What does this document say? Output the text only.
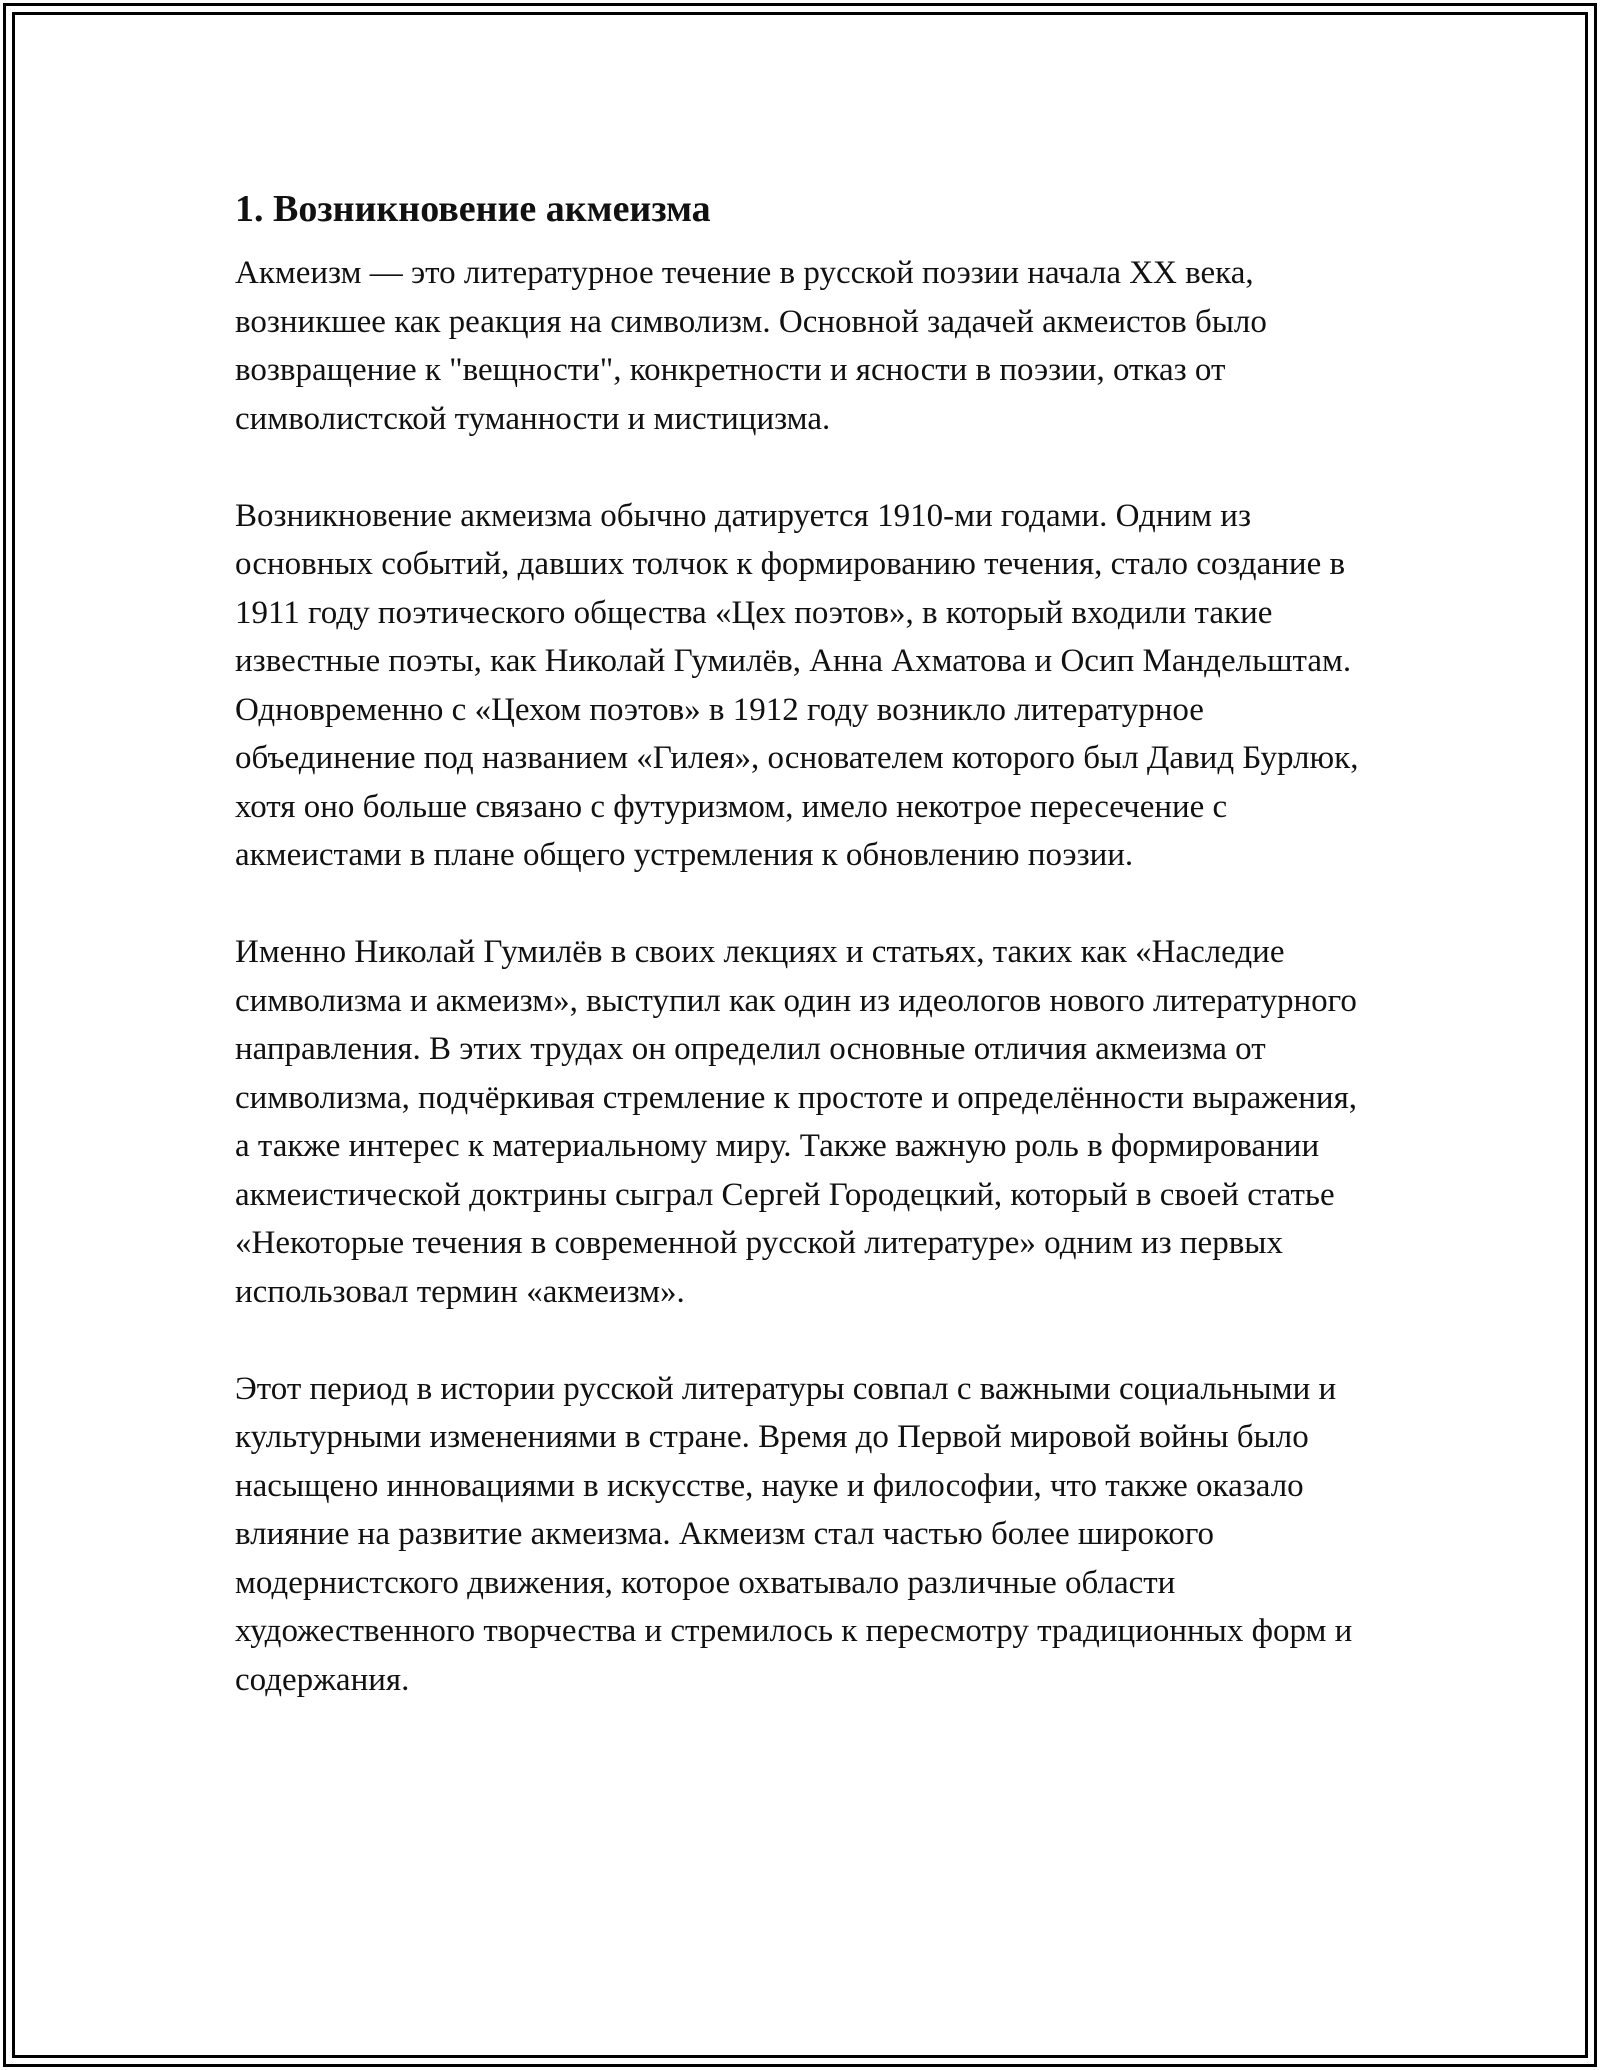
1. Возникновение акмеизма

Акмеизм — это литературное течение в русской поэзии начала XX века, возникшее как реакция на символизм. Основной задачей акмеистов было возвращение к "вещности", конкретности и ясности в поэзии, отказ от символистской туманности и мистицизма.

Возникновение акмеизма обычно датируется 1910-ми годами. Одним из основных событий, давших толчок к формированию течения, стало создание в 1911 году поэтического общества «Цех поэтов», в который входили такие известные поэты, как Николай Гумилёв, Анна Ахматова и Осип Мандельштам. Одновременно с «Цехом поэтов» в 1912 году возникло литературное объединение под названием «Гилея», основателем которого был Давид Бурлюк, хотя оно больше связано с футуризмом, имело некотрое пересечение с акмеистами в плане общего устремления к обновлению поэзии.

Именно Николай Гумилёв в своих лекциях и статьях, таких как «Наследие символизма и акмеизм», выступил как один из идеологов нового литературного направления. В этих трудах он определил основные отличия акмеизма от символизма, подчёркивая стремление к простоте и определённости выражения, а также интерес к материальному миру. Также важную роль в формировании акмеистической доктрины сыграл Сергей Городецкий, который в своей статье «Некоторые течения в современной русской литературе» одним из первых использовал термин «акмеизм».

Этот период в истории русской литературы совпал с важными социальными и культурными изменениями в стране. Время до Первой мировой войны было насыщено инновациями в искусстве, науке и философии, что также оказало влияние на развитие акмеизма. Акмеизм стал частью более широкого модернистского движения, которое охватывало различные области художественного творчества и стремилось к пересмотру традиционных форм и содержания.
